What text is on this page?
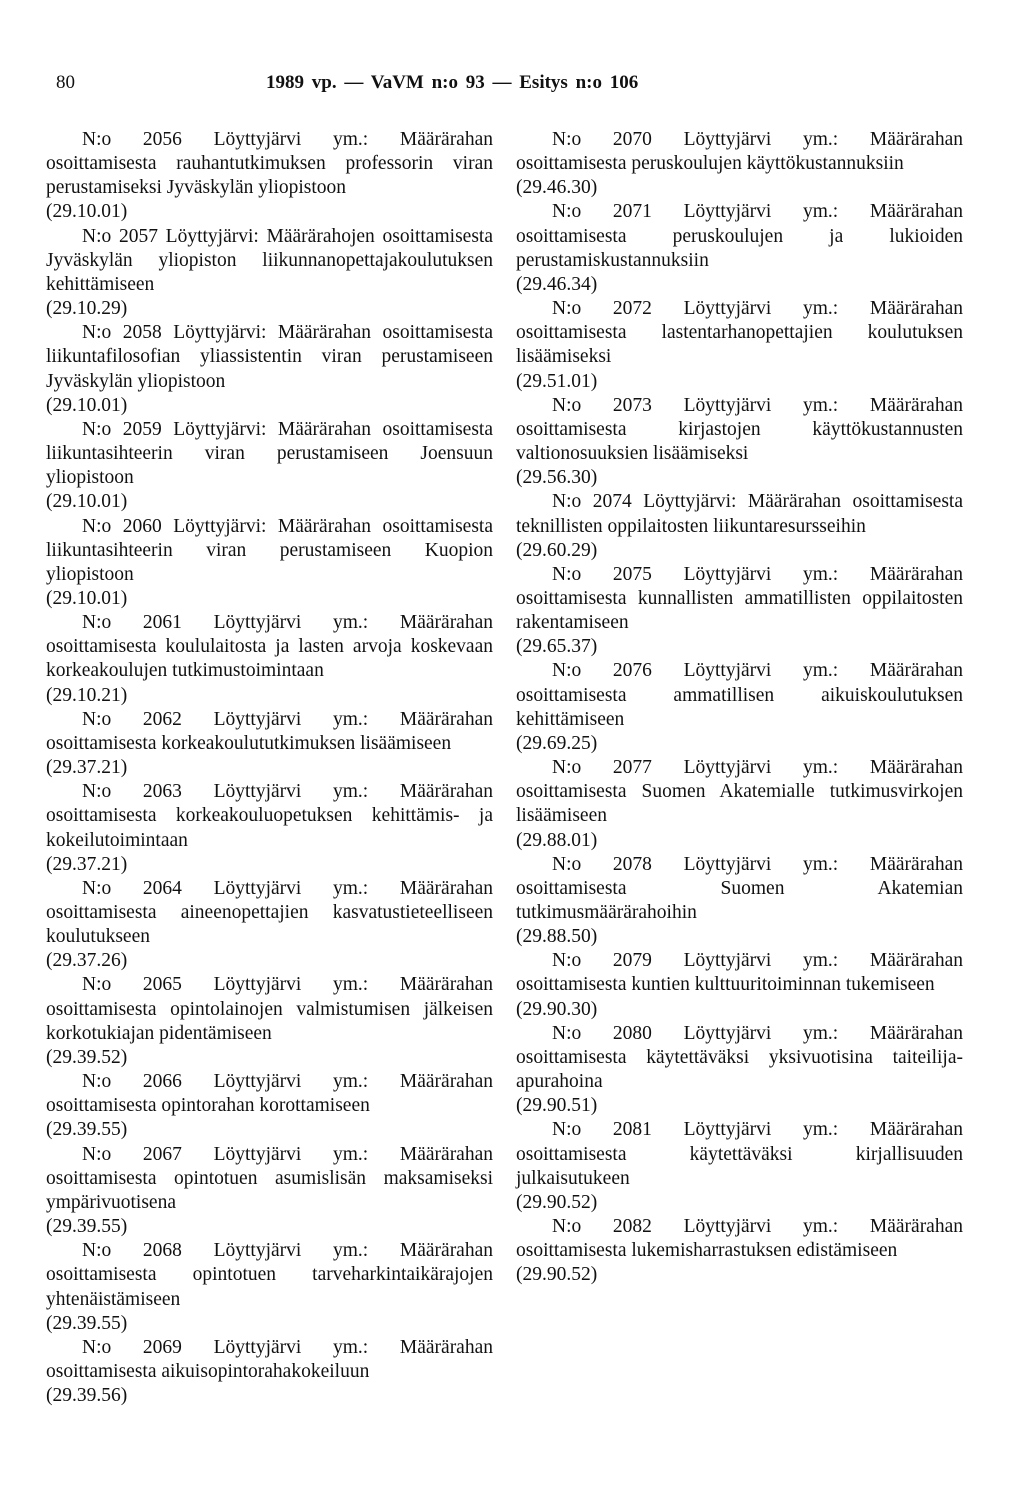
80	1989 vp. — VaVM n:o 93 — Esitys n:o 106

N:o 2056 Löyttyjärvi ym.: Määrärahan osoittamisesta rauhantutkimuksen professorin viran perustamiseksi Jyväskylän yliopistoon
(29.10.01)

N:o 2057 Löyttyjärvi: Määrärahojen osoittamisesta Jyväskylän yliopiston liikunnanopettajakoulutuksen kehittämiseen
(29.10.29)

N:o 2058 Löyttyjärvi: Määrärahan osoittamisesta liikuntafilosofian yliassistentin viran perustamiseen Jyväskylän yliopistoon
(29.10.01)

N:o 2059 Löyttyjärvi: Määrärahan osoittamisesta liikuntasihteerin viran perustamiseen Joensuun yliopistoon
(29.10.01)

N:o 2060 Löyttyjärvi: Määrärahan osoittamisesta liikuntasihteerin viran perustamiseen Kuopion yliopistoon
(29.10.01)

N:o 2061 Löyttyjärvi ym.: Määrärahan osoittamisesta koululaitosta ja lasten arvoja koskevaan korkeakoulujen tutkimustoimintaan
(29.10.21)

N:o 2062 Löyttyjärvi ym.: Määrärahan osoittamisesta korkeakoulututkimuksen lisäämiseen
(29.37.21)

N:o 2063 Löyttyjärvi ym.: Määrärahan osoittamisesta korkeakouluopetuksen kehittämis- ja kokeilutoimintaan
(29.37.21)

N:o 2064 Löyttyjärvi ym.: Määrärahan osoittamisesta aineenopettajien kasvatustieteelliseen koulutukseen
(29.37.26)

N:o 2065 Löyttyjärvi ym.: Määrärahan osoittamisesta opintolainojen valmistumisen jälkeisen korkotukiajan pidentämiseen
(29.39.52)

N:o 2066 Löyttyjärvi ym.: Määrärahan osoittamisesta opintorahan korottamiseen
(29.39.55)

N:o 2067 Löyttyjärvi ym.: Määrärahan osoittamisesta opintotuen asumislisän maksamiseksi ympärivuotisena
(29.39.55)

N:o 2068 Löyttyjärvi ym.: Määrärahan osoittamisesta opintotuen tarveharkintaikärajojen yhtenäistämiseen
(29.39.55)

N:o 2069 Löyttyjärvi ym.: Määrärahan osoittamisesta aikuisopintorahakokeiluun
(29.39.56)

N:o 2070 Löyttyjärvi ym.: Määrärahan osoittamisesta peruskoulujen käyttökustannuksiin
(29.46.30)

N:o 2071 Löyttyjärvi ym.: Määrärahan osoittamisesta peruskoulujen ja lukioiden perustamiskustannuksiin
(29.46.34)

N:o 2072 Löyttyjärvi ym.: Määrärahan osoittamisesta lastentarhanopettajien koulutuksen lisäämiseksi
(29.51.01)

N:o 2073 Löyttyjärvi ym.: Määrärahan osoittamisesta kirjastojen käyttökustannusten valtionosuuksien lisäämiseksi
(29.56.30)

N:o 2074 Löyttyjärvi: Määrärahan osoittamisesta teknillisten oppilaitosten liikuntaresursseihin
(29.60.29)

N:o 2075 Löyttyjärvi ym.: Määrärahan osoittamisesta kunnallisten ammatillisten oppilaitosten rakentamiseen
(29.65.37)

N:o 2076 Löyttyjärvi ym.: Määrärahan osoittamisesta ammatillisen aikuiskoulutuksen kehittämiseen
(29.69.25)

N:o 2077 Löyttyjärvi ym.: Määrärahan osoittamisesta Suomen Akatemialle tutkimusvirkojen lisäämiseen
(29.88.01)

N:o 2078 Löyttyjärvi ym.: Määrärahan osoittamisesta Suomen Akatemian tutkimusmäärärahoihin
(29.88.50)

N:o 2079 Löyttyjärvi ym.: Määrärahan osoittamisesta kuntien kulttuuritoiminnan tukemiseen
(29.90.30)

N:o 2080 Löyttyjärvi ym.: Määrärahan osoittamisesta käytettäväksi yksivuotisina taiteilija-apurahoina
(29.90.51)

N:o 2081 Löyttyjärvi ym.: Määrärahan osoittamisesta käytettäväksi kirjallisuuden julkaisutukeen
(29.90.52)

N:o 2082 Löyttyjärvi ym.: Määrärahan osoittamisesta lukemisharrastuksen edistämiseen
(29.90.52)
